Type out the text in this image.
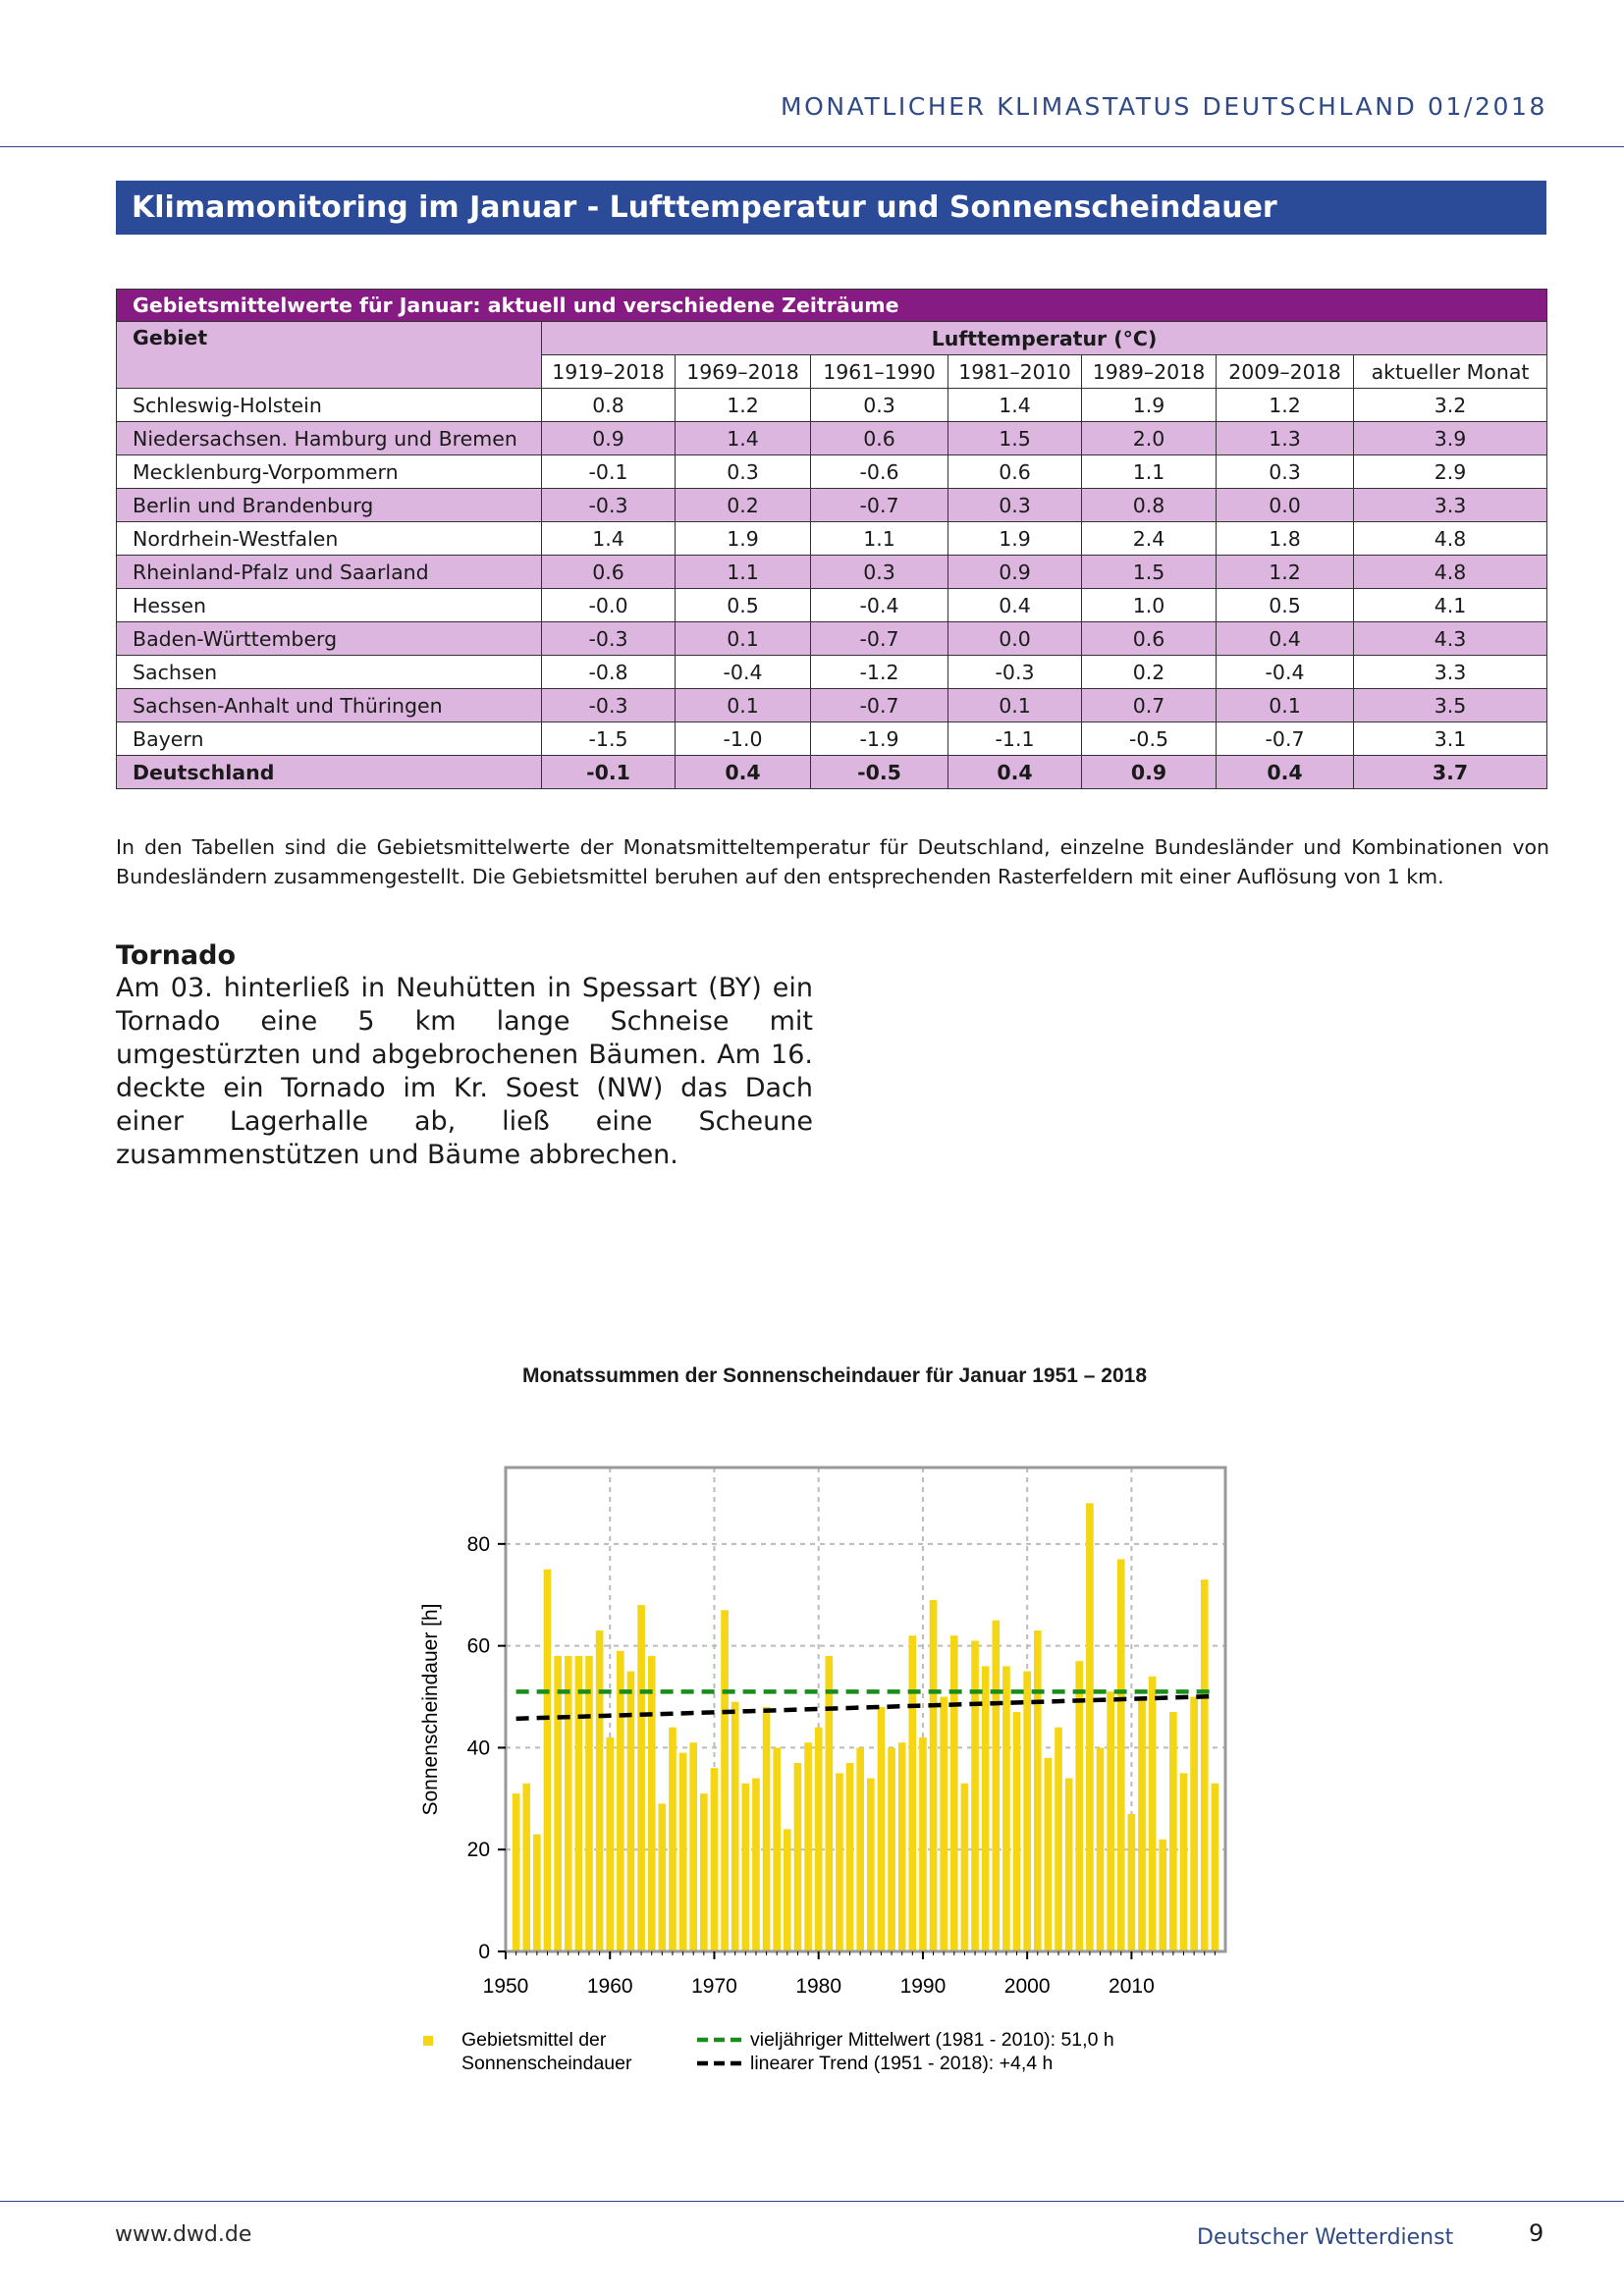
MONATLICHER KLIMASTATUS DEUTSCHLAND 01/2018
Klimamonitoring im Januar - Lufttemperatur und Sonnenscheindauer
Gebietsmittelwerte für Januar: aktuell und verschiedene Zeiträume							
Gebiet	Lufttemperatur (°C)						
	1919–2018	1969–2018	1961–1990	1981–2010	1989–2018	2009–2018	aktueller Monat
Schleswig-Holstein	0.8	1.2	0.3	1.4	1.9	1.2	3.2
Niedersachsen. Hamburg und Bremen	0.9	1.4	0.6	1.5	2.0	1.3	3.9
Mecklenburg-Vorpommern	-0.1	0.3	-0.6	0.6	1.1	0.3	2.9
Berlin und Brandenburg	-0.3	0.2	-0.7	0.3	0.8	0.0	3.3
Nordrhein-Westfalen	1.4	1.9	1.1	1.9	2.4	1.8	4.8
Rheinland-Pfalz und Saarland	0.6	1.1	0.3	0.9	1.5	1.2	4.8
Hessen	-0.0	0.5	-0.4	0.4	1.0	0.5	4.1
Baden-Württemberg	-0.3	0.1	-0.7	0.0	0.6	0.4	4.3
Sachsen	-0.8	-0.4	-1.2	-0.3	0.2	-0.4	3.3
Sachsen-Anhalt und Thüringen	-0.3	0.1	-0.7	0.1	0.7	0.1	3.5
Bayern	-1.5	-1.0	-1.9	-1.1	-0.5	-0.7	3.1
Deutschland	-0.1	0.4	-0.5	0.4	0.9	0.4	3.7
In den Tabellen sind die Gebietsmittelwerte der Monatsmitteltemperatur für Deutschland, einzelne Bundesländer und Kombinationen von Bundesländern zusammengestellt. Die Gebietsmittel beruhen auf den entsprechenden Rasterfeldern mit einer Auflösung von 1 km.
Tornado
Am 03. hinterließ in Neuhütten in Spessart (BY) ein Tornado eine 5 km lange Schneise mit umgestürzten und abgebrochenen Bäumen. Am 16. deckte ein Tornado im Kr. Soest (NW) das Dach einer Lagerhalle ab, ließ eine Scheune zusammenstützen und Bäume abbrechen.
0
20
40
60
80
1950	1960	1970	1980	1990	2000	2010
Sonnenscheindauer [h]
Gebietsmittel der
Sonnenscheindauer
vieljähriger Mittelwert (1981 - 2010): 51,0 h
linearer Trend (1951 - 2018): +4,4 h
Monatssummen der Sonnenscheindauer für Januar 1951 – 2018
www.dwd.de	Deutscher Wetterdienst	9
